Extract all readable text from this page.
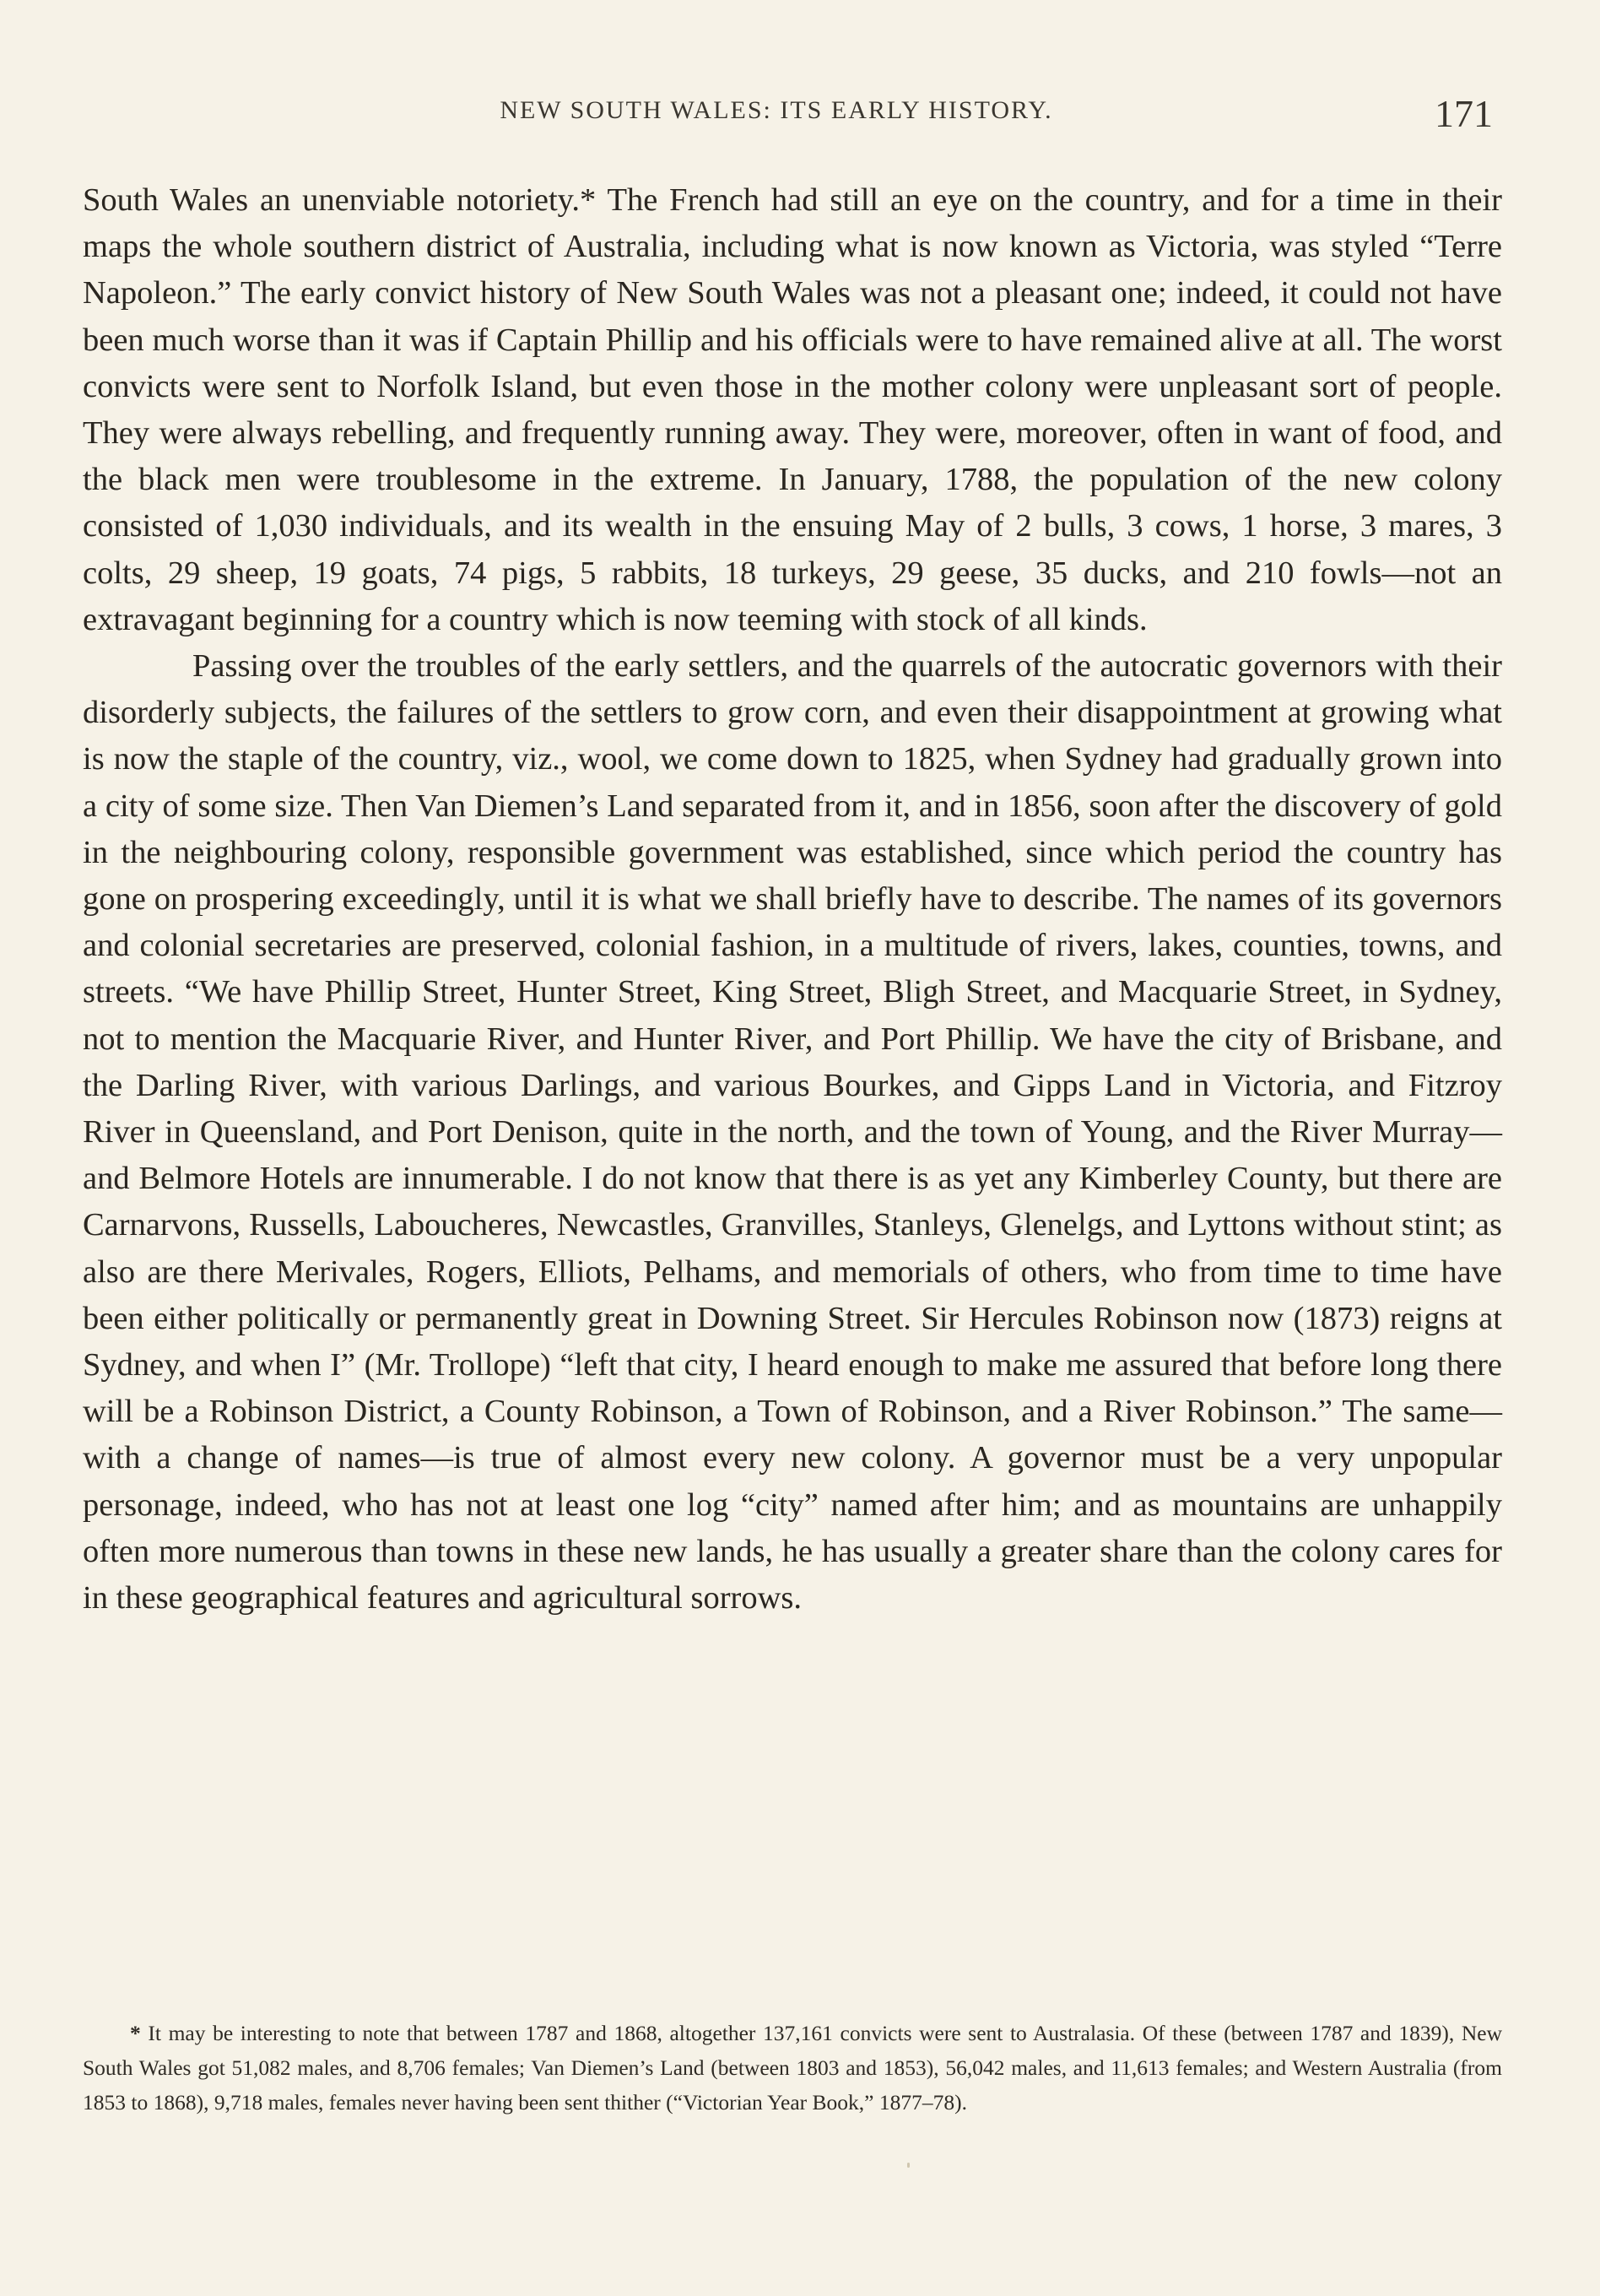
NEW SOUTH WALES: ITS EARLY HISTORY.	171

South Wales an unenviable notoriety.* The French had still an eye on the country, and for a time in their maps the whole southern district of Australia, including what is now known as Victoria, was styled “Terre Napoleon.” The early convict history of New South Wales was not a pleasant one; indeed, it could not have been much worse than it was if Captain Phillip and his officials were to have remained alive at all. The worst convicts were sent to Norfolk Island, but even those in the mother colony were unpleasant sort of people. They were always rebelling, and frequently running away. They were, moreover, often in want of food, and the black men were troublesome in the extreme. In January, 1788, the population of the new colony consisted of 1,030 individuals, and its wealth in the ensuing May of 2 bulls, 3 cows, 1 horse, 3 mares, 3 colts, 29 sheep, 19 goats, 74 pigs, 5 rabbits, 18 turkeys, 29 geese, 35 ducks, and 210 fowls—not an extravagant beginning for a country which is now teeming with stock of all kinds.

Passing over the troubles of the early settlers, and the quarrels of the autocratic governors with their disorderly subjects, the failures of the settlers to grow corn, and even their disappointment at growing what is now the staple of the country, viz., wool, we come down to 1825, when Sydney had gradually grown into a city of some size. Then Van Diemen’s Land separated from it, and in 1856, soon after the discovery of gold in the neighbouring colony, responsible government was established, since which period the country has gone on prospering exceedingly, until it is what we shall briefly have to describe. The names of its governors and colonial secretaries are preserved, colonial fashion, in a multitude of rivers, lakes, counties, towns, and streets. “We have Phillip Street, Hunter Street, King Street, Bligh Street, and Macquarie Street, in Sydney, not to mention the Macquarie River, and Hunter River, and Port Phillip. We have the city of Brisbane, and the Darling River, with various Darlings, and various Bourkes, and Gipps Land in Victoria, and Fitzroy River in Queensland, and Port Denison, quite in the north, and the town of Young, and the River Murray—and Belmore Hotels are innumerable. I do not know that there is as yet any Kimberley County, but there are Carnarvons, Russells, Laboucheres, Newcastles, Granvilles, Stanleys, Glenelgs, and Lyttons without stint; as also are there Merivales, Rogers, Elliots, Pelhams, and memorials of others, who from time to time have been either politically or permanently great in Downing Street. Sir Hercules Robinson now (1873) reigns at Sydney, and when I” (Mr. Trollope) “left that city, I heard enough to make me assured that before long there will be a Robinson District, a County Robinson, a Town of Robinson, and a River Robinson.” The same—with a change of names—is true of almost every new colony. A governor must be a very unpopular personage, indeed, who has not at least one log “city” named after him; and as mountains are unhappily often more numerous than towns in these new lands, he has usually a greater share than the colony cares for in these geographical features and agricultural sorrows.

* It may be interesting to note that between 1787 and 1868, altogether 137,161 convicts were sent to Australasia. Of these (between 1787 and 1839), New South Wales got 51,082 males, and 8,706 females; Van Diemen’s Land (between 1803 and 1853), 56,042 males, and 11,613 females; and Western Australia (from 1853 to 1868), 9,718 males, females never having been sent thither (“Victorian Year Book,” 1877–78).
